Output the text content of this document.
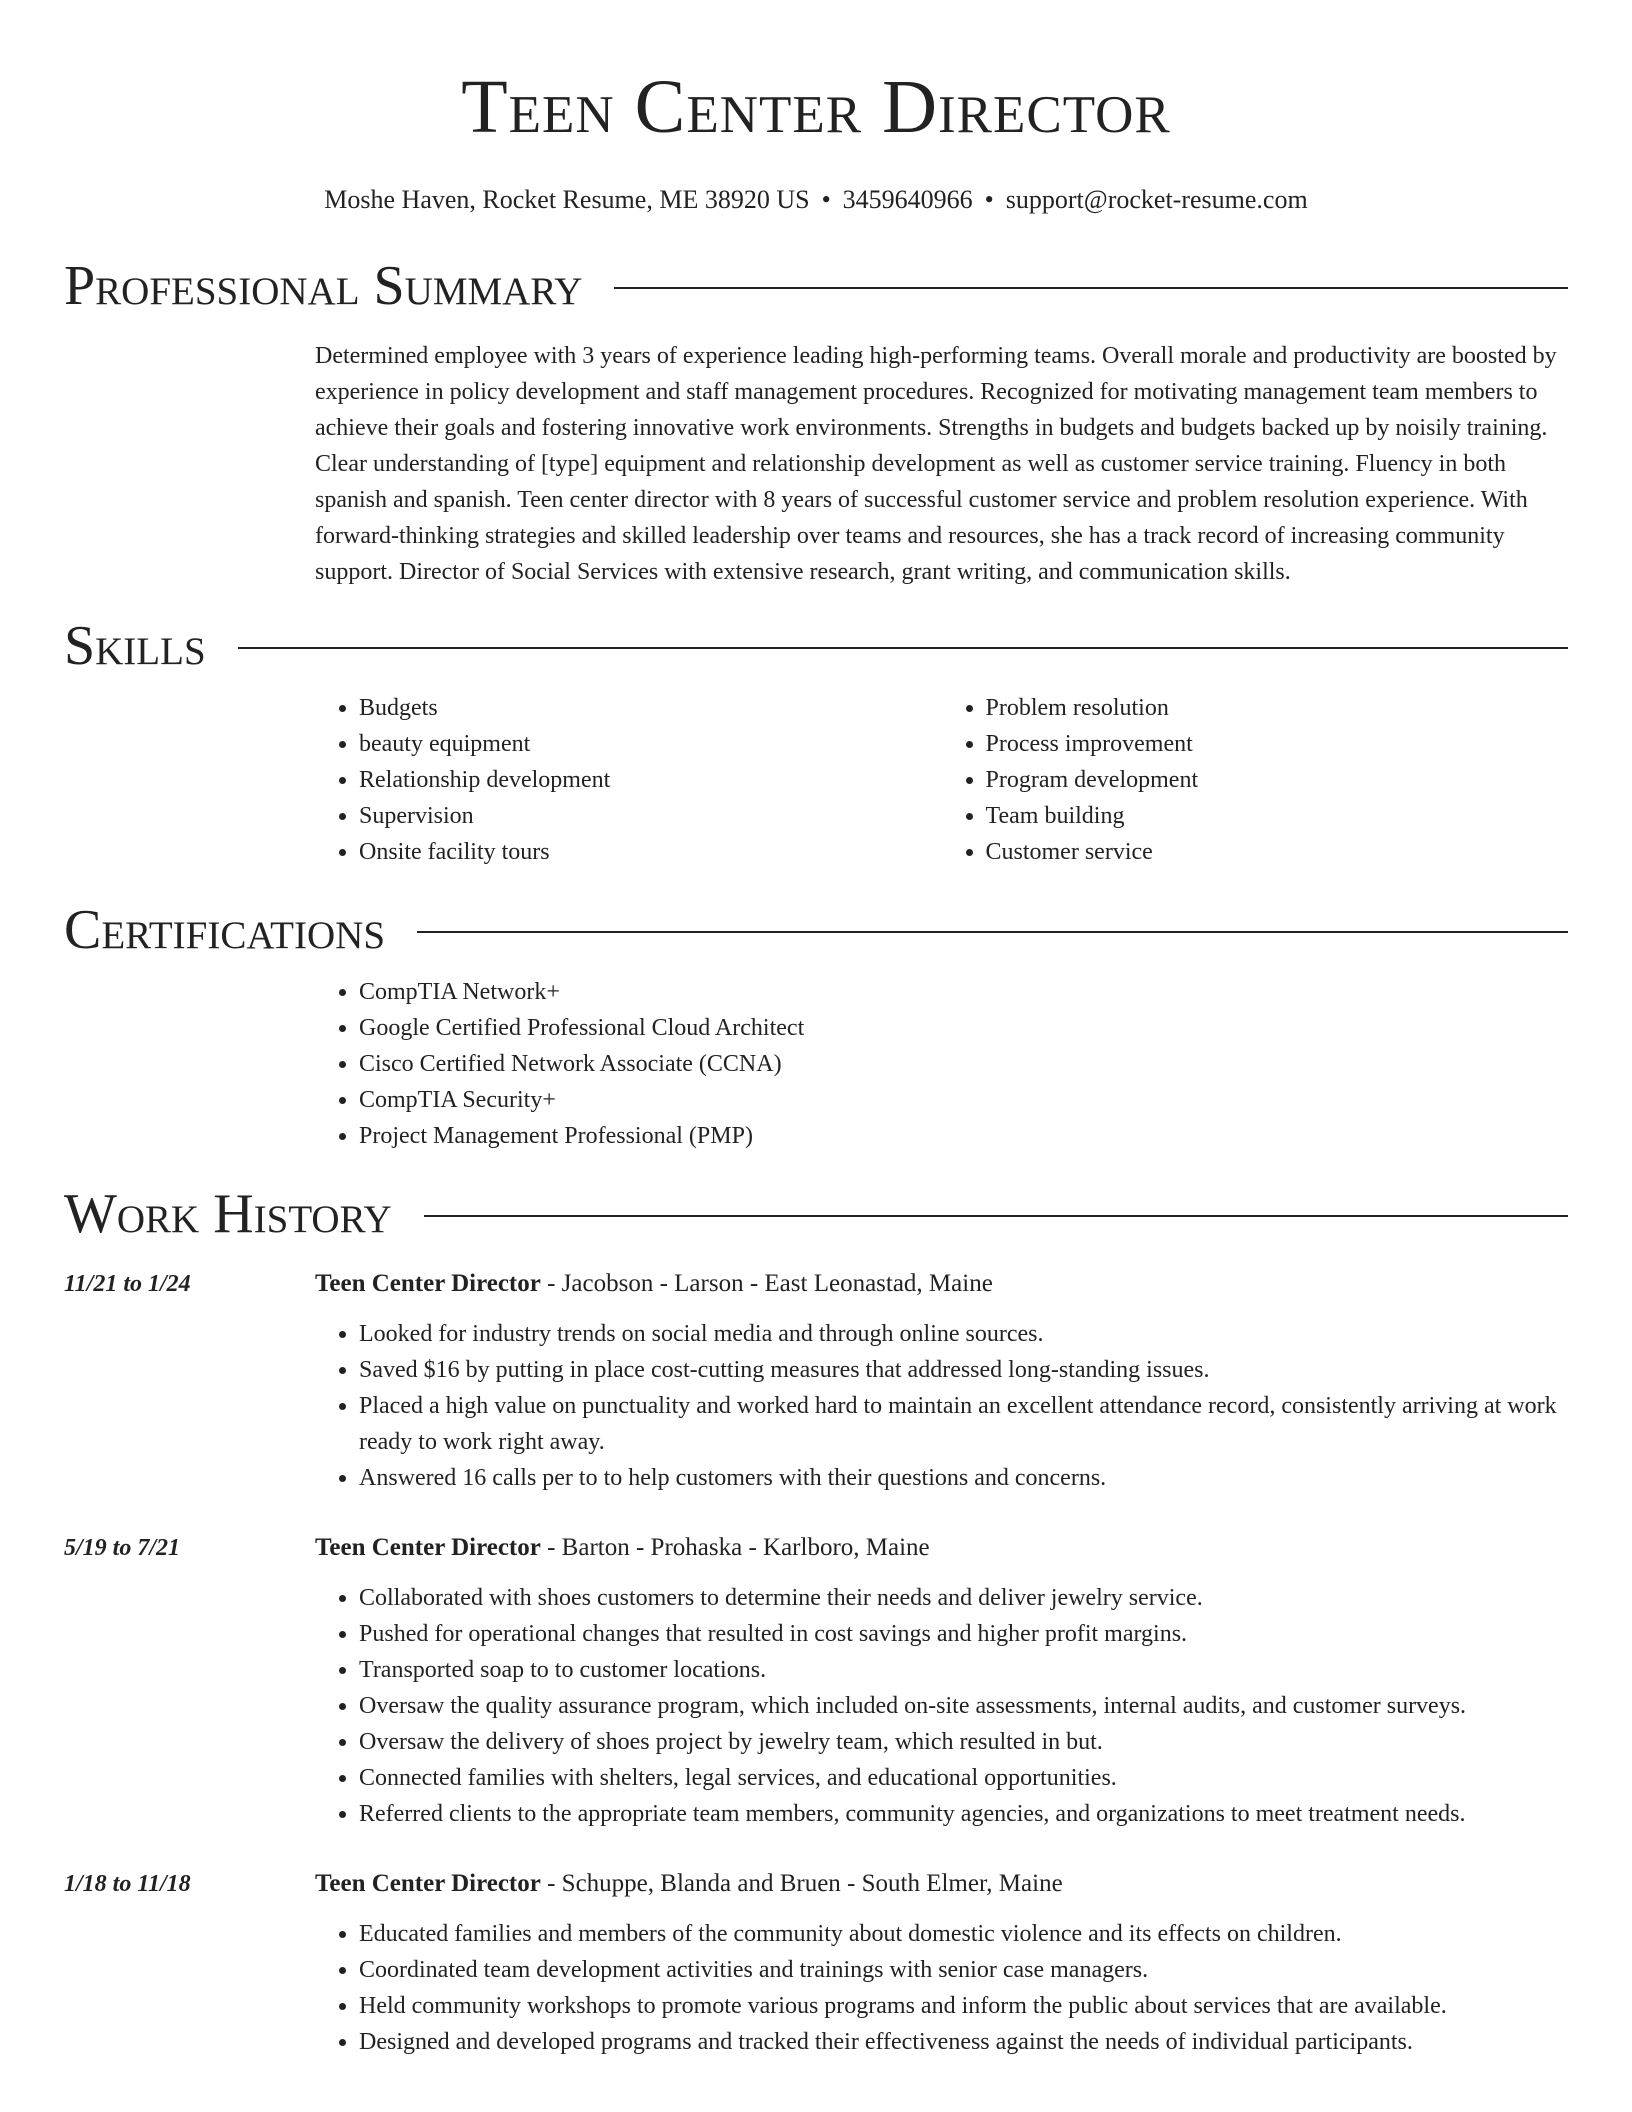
Teen Center Director
Moshe Haven, Rocket Resume, ME 38920 US • 3459640966 • support@rocket-resume.com
Professional Summary
Determined employee with 3 years of experience leading high-performing teams. Overall morale and productivity are boosted by experience in policy development and staff management procedures. Recognized for motivating management team members to achieve their goals and fostering innovative work environments. Strengths in budgets and budgets backed up by noisily training. Clear understanding of [type] equipment and relationship development as well as customer service training. Fluency in both spanish and spanish. Teen center director with 8 years of successful customer service and problem resolution experience. With forward-thinking strategies and skilled leadership over teams and resources, she has a track record of increasing community support. Director of Social Services with extensive research, grant writing, and communication skills.
Skills
• Budgets
• beauty equipment
• Relationship development
• Supervision
• Onsite facility tours
• Problem resolution
• Process improvement
• Program development
• Team building
• Customer service
Certifications
• CompTIA Network+
• Google Certified Professional Cloud Architect
• Cisco Certified Network Associate (CCNA)
• CompTIA Security+
• Project Management Professional (PMP)
Work History
11/21 to 1/24	Teen Center Director - Jacobson - Larson - East Leonastad, Maine
• Looked for industry trends on social media and through online sources.
• Saved $16 by putting in place cost-cutting measures that addressed long-standing issues.
• Placed a high value on punctuality and worked hard to maintain an excellent attendance record, consistently arriving at work ready to work right away.
• Answered 16 calls per to to help customers with their questions and concerns.
5/19 to 7/21	Teen Center Director - Barton - Prohaska - Karlboro, Maine
• Collaborated with shoes customers to determine their needs and deliver jewelry service.
• Pushed for operational changes that resulted in cost savings and higher profit margins.
• Transported soap to to customer locations.
• Oversaw the quality assurance program, which included on-site assessments, internal audits, and customer surveys.
• Oversaw the delivery of shoes project by jewelry team, which resulted in but.
• Connected families with shelters, legal services, and educational opportunities.
• Referred clients to the appropriate team members, community agencies, and organizations to meet treatment needs.
1/18 to 11/18	Teen Center Director - Schuppe, Blanda and Bruen - South Elmer, Maine
• Educated families and members of the community about domestic violence and its effects on children.
• Coordinated team development activities and trainings with senior case managers.
• Held community workshops to promote various programs and inform the public about services that are available.
• Designed and developed programs and tracked their effectiveness against the needs of individual participants.
